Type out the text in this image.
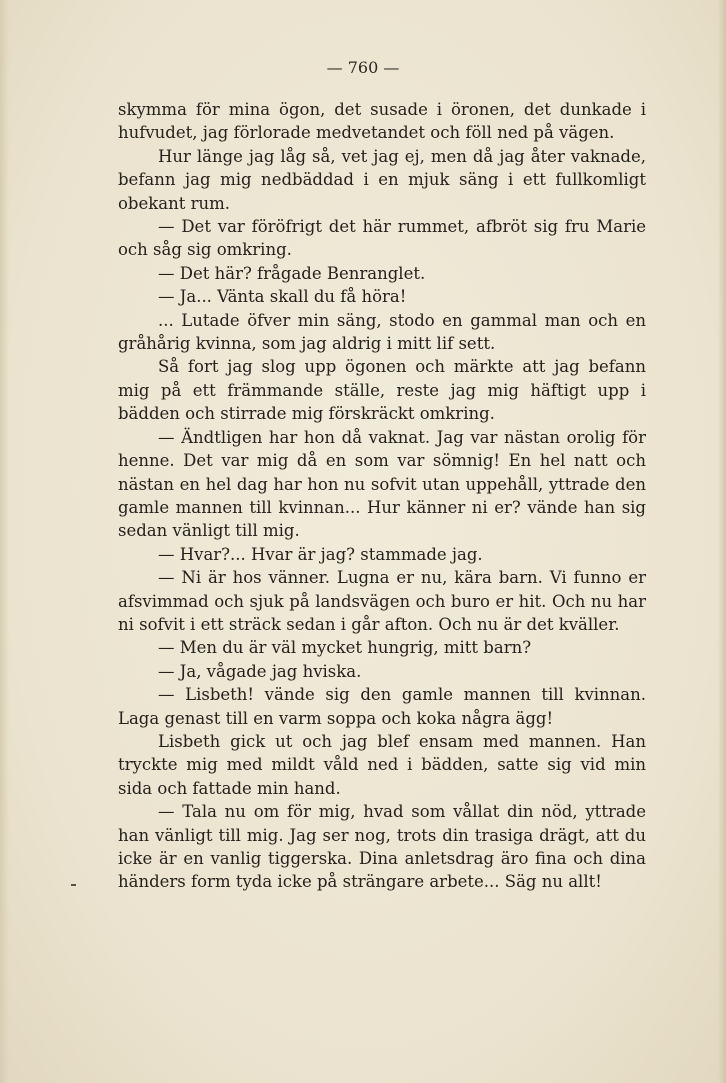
— 760 —

skymma för mina ögon, det susade i öronen, det dunkade i hufvudet, jag förlorade medvetandet och föll ned på vägen.

Hur länge jag låg så, vet jag ej, men då jag åter vaknade, befann jag mig nedbäddad i en mjuk säng i ett fullkomligt obekant rum.

— Det var föröfrigt det här rummet, afbröt sig fru Marie och såg sig omkring.

— Det här? frågade Benranglet.

— Ja... Vänta skall du få höra!

... Lutade öfver min säng, stodo en gammal man och en gråhårig kvinna, som jag aldrig i mitt lif sett.

Så fort jag slog upp ögonen och märkte att jag befann mig på ett främmande ställe, reste jag mig häftigt upp i bädden och stirrade mig förskräckt omkring.

— Ändtligen har hon då vaknat. Jag var nästan orolig för henne. Det var mig då en som var sömnig! En hel natt och nästan en hel dag har hon nu sofvit utan uppehåll, yttrade den gamle mannen till kvinnan... Hur känner ni er? vände han sig sedan vänligt till mig.

— Hvar?... Hvar är jag? stammade jag.

— Ni är hos vänner. Lugna er nu, kära barn. Vi funno er afsvimmad och sjuk på landsvägen och buro er hit. Och nu har ni sofvit i ett sträck sedan i går afton. Och nu är det kväller.

— Men du är väl mycket hungrig, mitt barn?

— Ja, vågade jag hviska.

— Lisbeth! vände sig den gamle mannen till kvinnan. Laga genast till en varm soppa och koka några ägg!

Lisbeth gick ut och jag blef ensam med mannen. Han tryckte mig med mildt våld ned i bädden, satte sig vid min sida och fattade min hand.

— Tala nu om för mig, hvad som vållat din nöd, yttrade han vänligt till mig. Jag ser nog, trots din trasiga drägt, att du icke är en vanlig tiggerska. Dina anletsdrag äro fina och dina händers form tyda icke på strängare arbete... Säg nu allt!
